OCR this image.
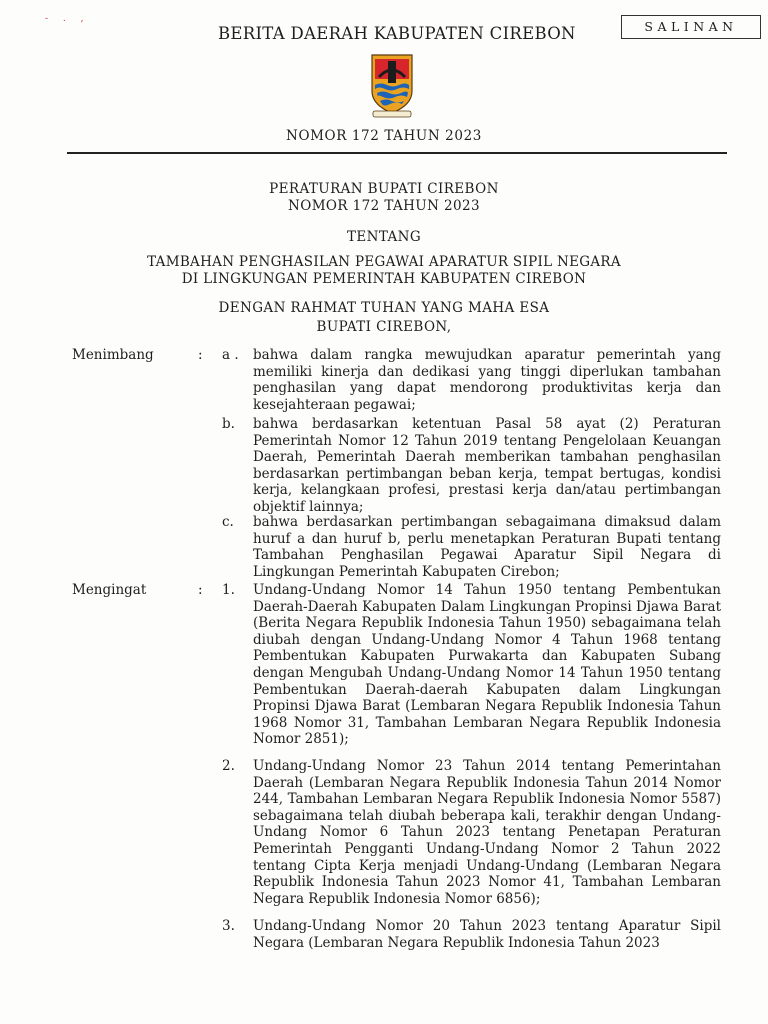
- . ,
BERITA DAERAH KABUPATEN CIREBON	SALINAN
NOMOR 172 TAHUN 2023
PERATURAN BUPATI CIREBON
NOMOR 172 TAHUN 2023
TENTANG
TAMBAHAN PENGHASILAN PEGAWAI APARATUR SIPIL NEGARA
DI LINGKUNGAN PEMERINTAH KABUPATEN CIREBON
DENGAN RAHMAT TUHAN YANG MAHA ESA
BUPATI CIREBON,
Menimbang	: a . bahwa dalam rangka mewujudkan aparatur pemerintah yang memiliki kinerja dan dedikasi yang tinggi diperlukan tambahan penghasilan yang dapat mendorong produktivitas kerja dan kesejahteraan pegawai;
b. bahwa berdasarkan ketentuan Pasal 58 ayat (2) Peraturan Pemerintah Nomor 12 Tahun 2019 tentang Pengelolaan Keuangan Daerah, Pemerintah Daerah memberikan tambahan penghasilan berdasarkan pertimbangan beban kerja, tempat bertugas, kondisi kerja, kelangkaan profesi, prestasi kerja dan/atau pertimbangan objektif lainnya;
c. bahwa berdasarkan pertimbangan sebagaimana dimaksud dalam huruf a dan huruf b, perlu menetapkan Peraturan Bupati tentang Tambahan Penghasilan Pegawai Aparatur Sipil Negara di Lingkungan Pemerintah Kabupaten Cirebon;
Mengingat	: 1. Undang-Undang Nomor 14 Tahun 1950 tentang Pembentukan Daerah-Daerah Kabupaten Dalam Lingkungan Propinsi Djawa Barat (Berita Negara Republik Indonesia Tahun 1950) sebagaimana telah diubah dengan Undang-Undang Nomor 4 Tahun 1968 tentang Pembentukan Kabupaten Purwakarta dan Kabupaten Subang dengan Mengubah Undang-Undang Nomor 14 Tahun 1950 tentang Pembentukan Daerah-daerah Kabupaten dalam Lingkungan Propinsi Djawa Barat (Lembaran Negara Republik Indonesia Tahun 1968 Nomor 31, Tambahan Lembaran Negara Republik Indonesia Nomor 2851);
2. Undang-Undang Nomor 23 Tahun 2014 tentang Pemerintahan Daerah (Lembaran Negara Republik Indonesia Tahun 2014 Nomor 244, Tambahan Lembaran Negara Republik Indonesia Nomor 5587) sebagaimana telah diubah beberapa kali, terakhir dengan Undang-Undang Nomor 6 Tahun 2023 tentang Penetapan Peraturan Pemerintah Pengganti Undang-Undang Nomor 2 Tahun 2022 tentang Cipta Kerja menjadi Undang-Undang (Lembaran Negara Republik Indonesia Tahun 2023 Nomor 41, Tambahan Lembaran Negara Republik Indonesia Nomor 6856);
3. Undang-Undang Nomor 20 Tahun 2023 tentang Aparatur Sipil Negara (Lembaran Negara Republik Indonesia Tahun 2023
